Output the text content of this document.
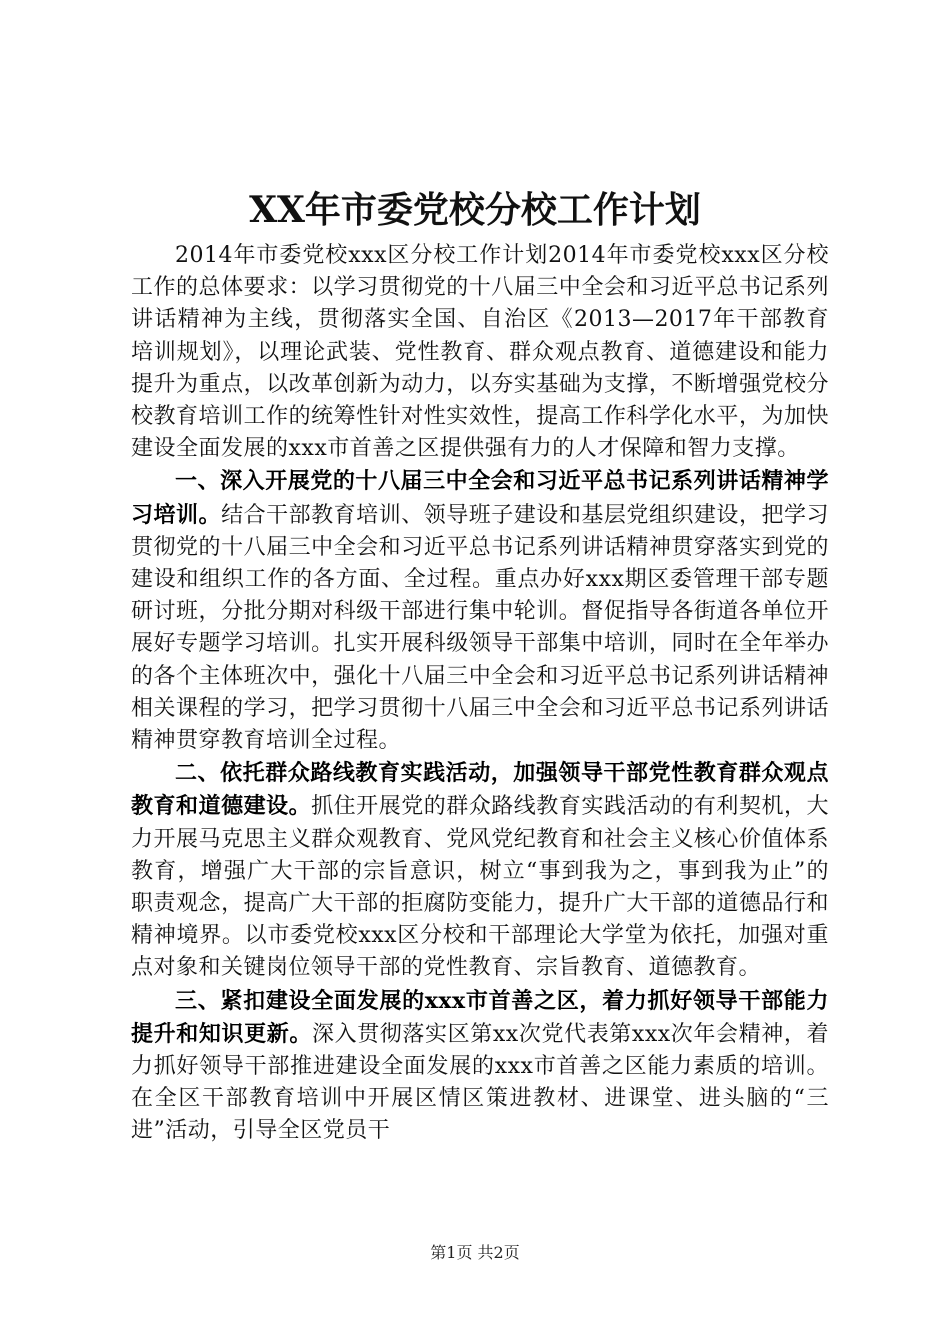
XX年市委党校分校工作计划

2014年市委党校xxx区分校工作计划2014年市委党校xxx区分校工作的总体要求：以学习贯彻党的十八届三中全会和习近平总书记系列讲话精神为主线，贯彻落实全国、自治区《2013—2017年干部教育培训规划》，以理论武装、党性教育、群众观点教育、道德建设和能力提升为重点，以改革创新为动力，以夯实基础为支撑，不断增强党校分校教育培训工作的统筹性针对性实效性，提高工作科学化水平，为加快建设全面发展的xxx市首善之区提供强有力的人才保障和智力支撑。

一、深入开展党的十八届三中全会和习近平总书记系列讲话精神学习培训。结合干部教育培训、领导班子建设和基层党组织建设，把学习贯彻党的十八届三中全会和习近平总书记系列讲话精神贯穿落实到党的建设和组织工作的各方面、全过程。重点办好xxx期区委管理干部专题研讨班，分批分期对科级干部进行集中轮训。督促指导各街道各单位开展好专题学习培训。扎实开展科级领导干部集中培训，同时在全年举办的各个主体班次中，强化十八届三中全会和习近平总书记系列讲话精神相关课程的学习，把学习贯彻十八届三中全会和习近平总书记系列讲话精神贯穿教育培训全过程。

二、依托群众路线教育实践活动，加强领导干部党性教育群众观点教育和道德建设。抓住开展党的群众路线教育实践活动的有利契机，大力开展马克思主义群众观教育、党风党纪教育和社会主义核心价值体系教育，增强广大干部的宗旨意识，树立“事到我为之，事到我为止”的职责观念，提高广大干部的拒腐防变能力，提升广大干部的道德品行和精神境界。以市委党校xxx区分校和干部理论大学堂为依托，加强对重点对象和关键岗位领导干部的党性教育、宗旨教育、道德教育。

三、紧扣建设全面发展的xxx市首善之区，着力抓好领导干部能力提升和知识更新。深入贯彻落实区第xx次党代表第xxx次年会精神，着力抓好领导干部推进建设全面发展的xxx市首善之区能力素质的培训。在全区干部教育培训中开展区情区策进教材、进课堂、进头脑的“三进”活动，引导全区党员干

第1页 共2页
